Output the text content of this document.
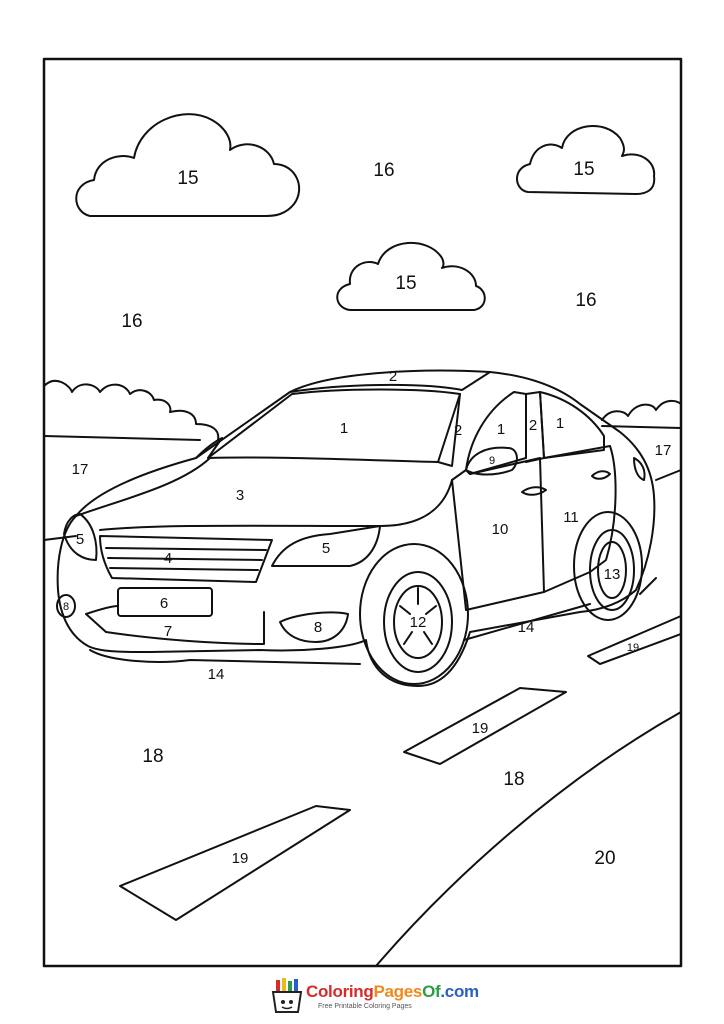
15	15
15
16
16
16
18
18
20
17
17
1	1	1
2
2	2
3
4
5
5
6
7	8
10
11
12
13
14
14
19
19
8
9
19
ColoringPagesOf.com
Free Printable Coloring Pages
